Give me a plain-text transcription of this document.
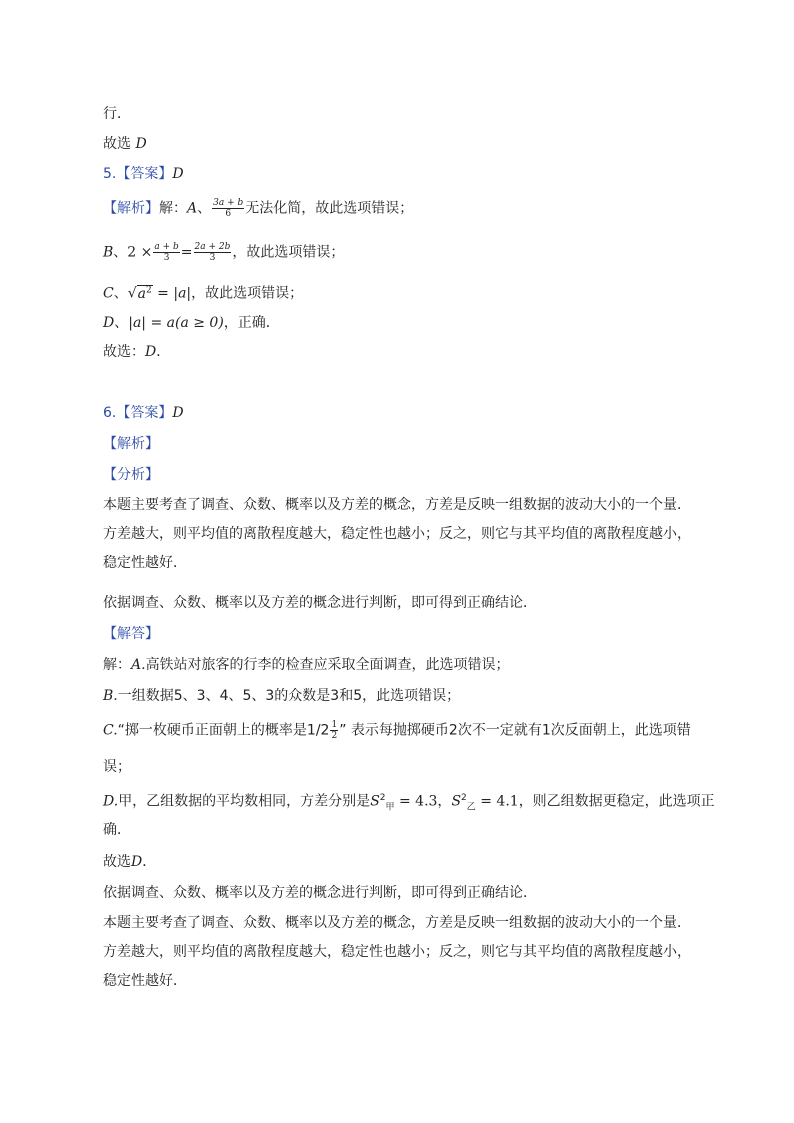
行．
故选 D
5.【答案】D
【解析】解：A、 $\frac{3a + b}{6}$ 无法化简，故此选项错误；
B、$2 \times \frac{a + b}{3} = \frac{2a + 2b}{3}$ ，故此选项错误；
C、$√a^2 = |a|$，故此选项错误；
D、|a| = a(a ≥ 0)，正确．
故选：D．
6.【答案】D
【解析】
【分析】
本题主要考查了调查、众数、概率以及方差的概念，方差是反映一组数据的波动大小的一个量．方差越大，则平均值的离散程度越大，稳定性也越小；反之，则它与其平均值的离散程度越小，稳定性越好．
依据调查、众数、概率以及方差的概念进行判断，即可得到正确结论．
【解答】
解：A.高铁站对旅客的行李的检查应采取全面调查，此选项错误；
B.一组数据5、3、4、5、3的众数是3和5，此选项错误；
C.“掷一枚硬币正面朝上的概率是$1/2 \frac{1}{2}$ ” 表示每抛掷硬币2次不一定就有1次反面朝上，此选项错
误；
D.甲，乙组数据的平均数相同，方差分别是$S^2_甲 = 4.3$，$S^2_乙 = 4.1$，则乙组数据更稳定，此选项正
确．
故选D．
依据调查、众数、概率以及方差的概念进行判断，即可得到正确结论．
本题主要考查了调查、众数、概率以及方差的概念，方差是反映一组数据的波动大小的一个量．方差越大，则平均值的离散程度越大，稳定性也越小；反之，则它与其平均值的离散程度越小，稳定性越好．
